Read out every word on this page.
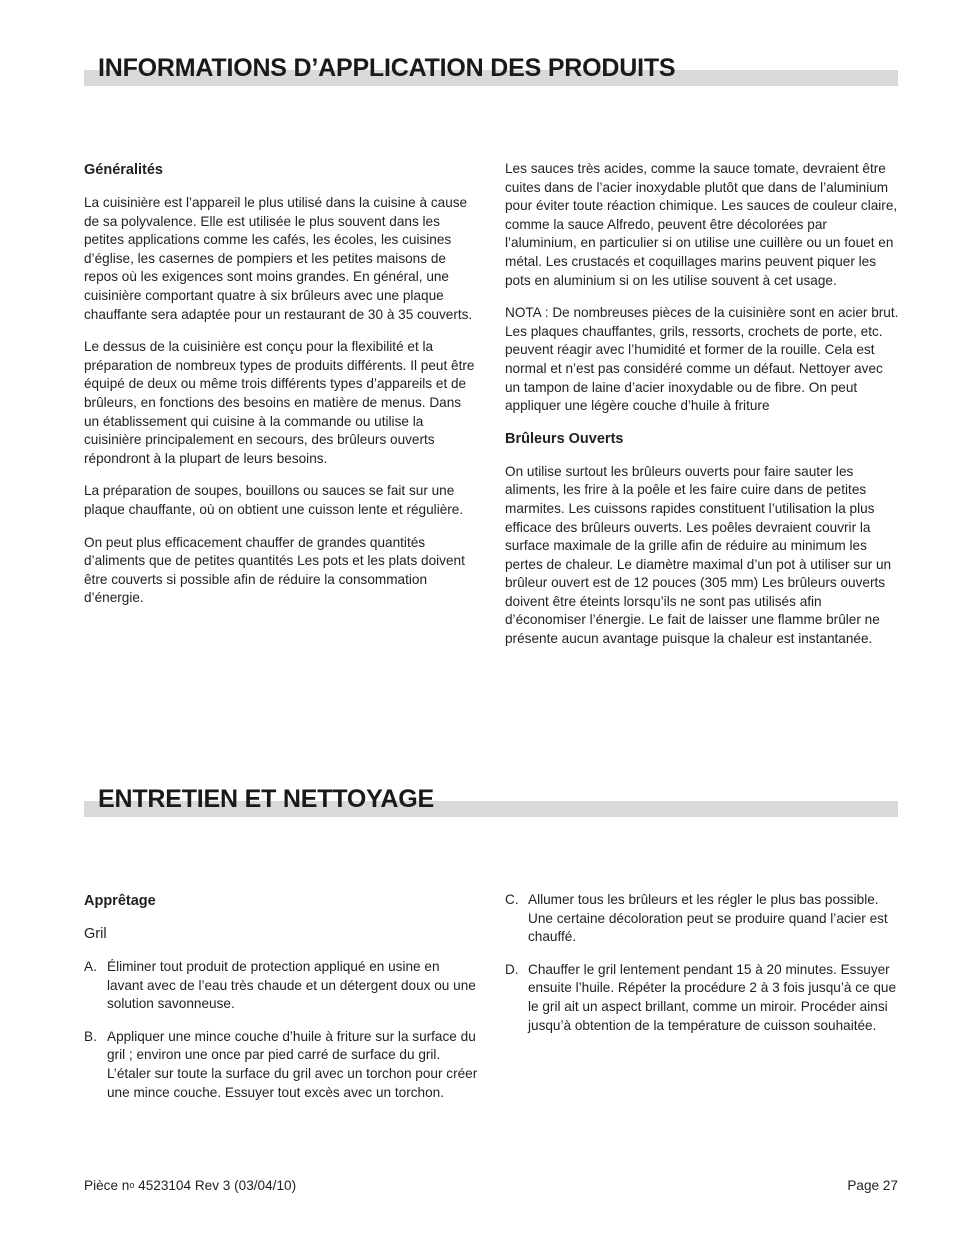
INFORMATIONS D’APPLICATION DES PRODUITS
Généralités

La cuisinière est l’appareil le plus utilisé dans la cuisine à cause de sa polyvalence. Elle est utilisée le plus souvent dans les petites applications comme les cafés, les écoles, les cuisines d’église, les casernes de pompiers et les petites maisons de repos où les exigences sont moins grandes. En général, une cuisinière comportant quatre à six brûleurs avec une plaque chauffante sera adaptée pour un restaurant de 30 à 35 couverts.

Le dessus de la cuisinière est conçu pour la flexibilité et la préparation de nombreux types de produits différents. Il peut être équipé de deux ou même trois différents types d’appareils et de brûleurs, en fonctions des besoins en matière de menus. Dans un établissement qui cuisine à la commande ou utilise la cuisinière principalement en secours, des brûleurs ouverts répondront à la plupart de leurs besoins.

La préparation de soupes, bouillons ou sauces se fait sur une plaque chauffante, où on obtient une cuisson lente et régulière.

On peut plus efficacement chauffer de grandes quantités d’aliments que de petites quantités Les pots et les plats doivent être couverts si possible afin de réduire la consommation d’énergie.

Les sauces très acides, comme la sauce tomate, devraient être cuites dans de l’acier inoxydable plutôt que dans de l’aluminium pour éviter toute réaction chimique. Les sauces de couleur claire, comme la sauce Alfredo, peuvent être décolorées par l’aluminium, en particulier si on utilise une cuillère ou un fouet en métal. Les crustacés et coquillages marins peuvent piquer les pots en aluminium si on les utilise souvent à cet usage.

NOTA : De nombreuses pièces de la cuisinière sont en acier brut. Les plaques chauffantes, grils, ressorts, crochets de porte, etc. peuvent réagir avec l’humidité et former de la rouille. Cela est normal et n’est pas considéré comme un défaut. Nettoyer avec un tampon de laine d’acier inoxydable ou de fibre. On peut appliquer une légère couche d’huile à friture

Brûleurs Ouverts

On utilise surtout les brûleurs ouverts pour faire sauter les aliments, les frire à la poêle et les faire cuire dans de petites marmites. Les cuissons rapides constituent l’utilisation la plus efficace des brûleurs ouverts. Les poêles devraient couvrir la surface maximale de la grille afin de réduire au minimum les pertes de chaleur. Le diamètre maximal d’un pot à utiliser sur un brûleur ouvert est de 12 pouces (305 mm) Les brûleurs ouverts doivent être éteints lorsqu’ils ne sont pas utilisés afin d’économiser l’énergie. Le fait de laisser une flamme brûler ne présente aucun avantage puisque la chaleur est instantanée.

ENTRETIEN ET NETTOYAGE
Apprêtage
Gril
A. Éliminer tout produit de protection appliqué en usine en lavant avec de l’eau très chaude et un détergent doux ou une solution savonneuse.
B. Appliquer une mince couche d’huile à friture sur la surface du gril ; environ une once par pied carré de surface du gril. L’étaler sur toute la surface du gril avec un torchon pour créer une mince couche. Essuyer tout excès avec un torchon.
C. Allumer tous les brûleurs et les régler le plus bas possible. Une certaine décoloration peut se produire quand l’acier est chauffé.
D. Chauffer le gril lentement pendant 15 à 20 minutes. Essuyer ensuite l’huile. Répéter la procédure 2 à 3 fois jusqu’à ce que le gril ait un aspect brillant, comme un miroir. Procéder ainsi jusqu’à obtention de la température de cuisson souhaitée.
Pièce $n^o$ 4523104 Rev 3 (03/04/10)	Page 27
